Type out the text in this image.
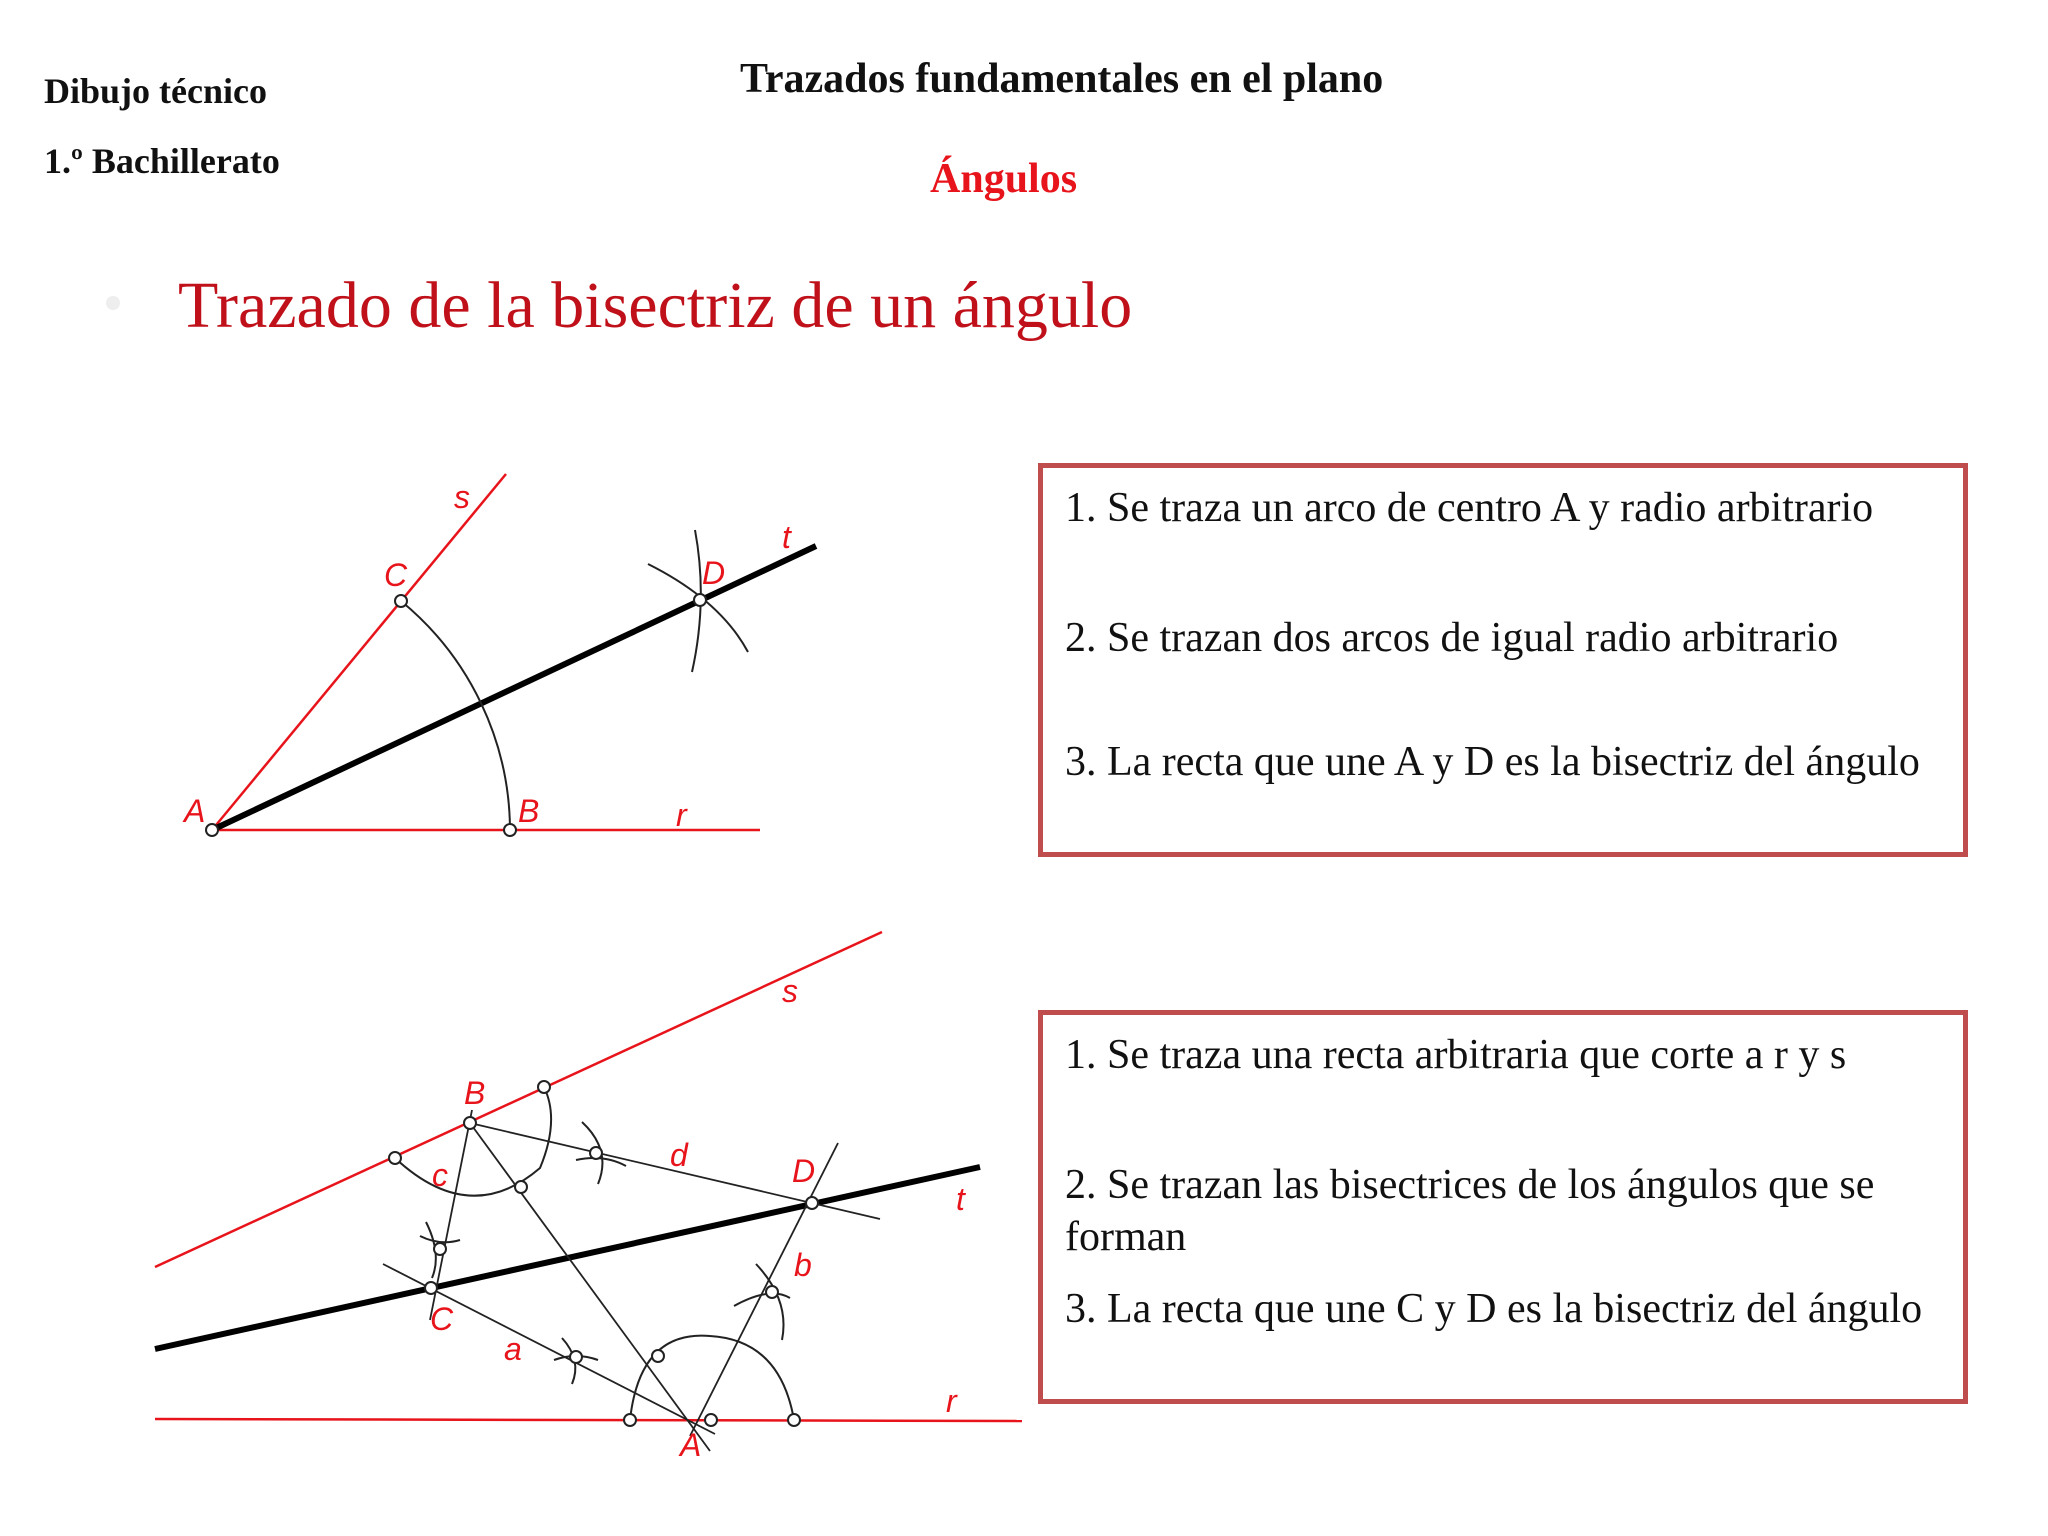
Dibujo técnico
1.º Bachillerato
Trazados fundamentales en el plano
Ángulos
Trazado de la bisectriz de un ángulo
s
t
r
A	B
C	D
s
t
r
A
B
C
D
a
b
c
d
1. Se traza un arco de centro A y radio arbitrario
2. Se trazan dos arcos de igual radio arbitrario
3. La recta que une A y D es la bisectriz del ángulo
1. Se traza una recta arbitraria que corte a r y s
2. Se trazan las bisectrices de los ángulos que se forman
3. La recta que une C y D es la bisectriz del ángulo
